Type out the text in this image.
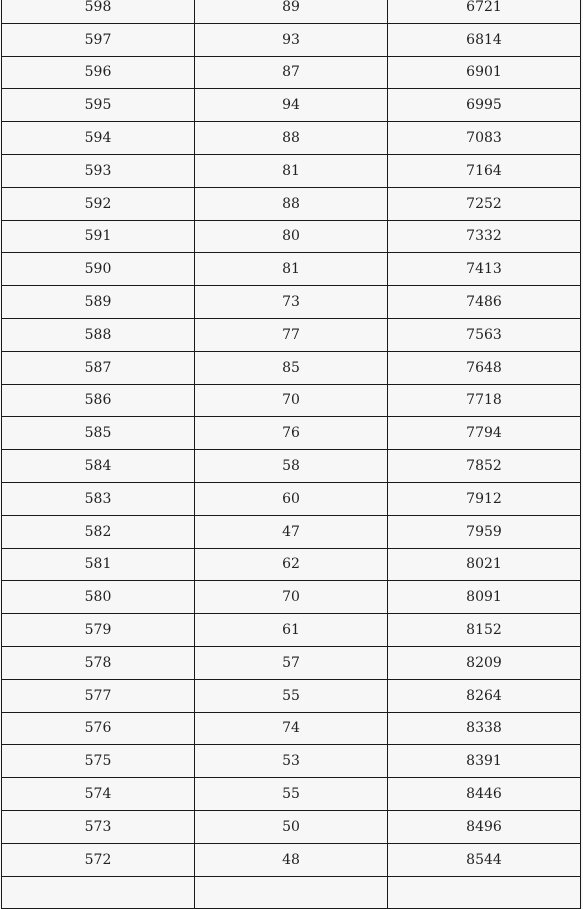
598	89	6721
597	93	6814
596	87	6901
595	94	6995
594	88	7083
593	81	7164
592	88	7252
591	80	7332
590	81	7413
589	73	7486
588	77	7563
587	85	7648
586	70	7718
585	76	7794
584	58	7852
583	60	7912
582	47	7959
581	62	8021
580	70	8091
579	61	8152
578	57	8209
577	55	8264
576	74	8338
575	53	8391
574	55	8446
573	50	8496
572	48	8544
